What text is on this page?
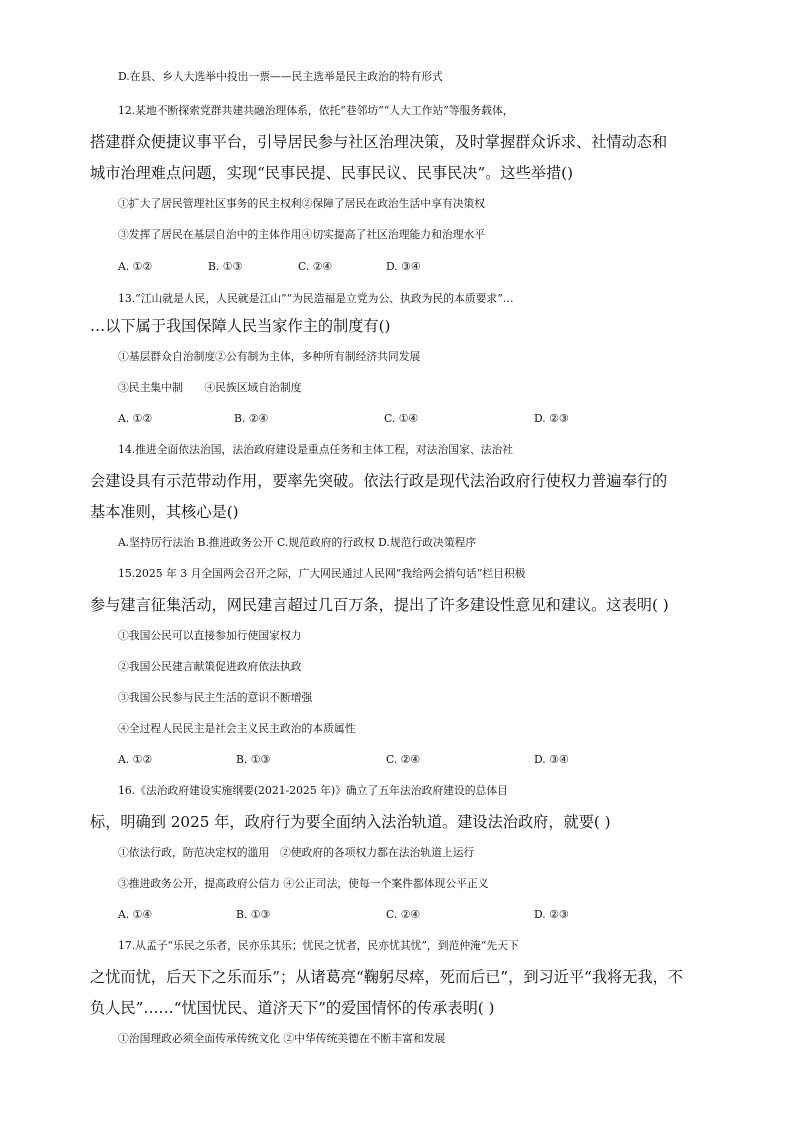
D.在县、乡人大选举中投出一票——民主选举是民主政治的特有形式
12.某地不断探索党群共建共融治理体系，依托“巷邻坊”“人大工作站”等服务载体，
搭建群众便捷议事平台，引导居民参与社区治理决策，及时掌握群众诉求、社情动态和
城市治理难点问题，实现“民事民提、民事民议、民事民决”。这些举措()
①扩大了居民管理社区事务的民主权利②保障了居民在政治生活中享有决策权
③发挥了居民在基层自治中的主体作用④切实提高了社区治理能力和治理水平
A. ①②	B. ①③	C. ②④	D. ③④
13.“江山就是人民，人民就是江山”“为民造福是立党为公、执政为民的本质要求”…
…以下属于我国保障人民当家作主的制度有()
①基层群众自治制度②公有制为主体，多种所有制经济共同发展
③民主集中制　　④民族区域自治制度
A. ①②	B. ②④	C. ①④	D. ②③
14.推进全面依法治国，法治政府建设是重点任务和主体工程，对法治国家、法治社
会建设具有示范带动作用，要率先突破。依法行政是现代法治政府行使权力普遍奉行的
基本准则，其核心是()
A.坚持厉行法治 B.推进政务公开 C.规范政府的行政权 D.规范行政决策程序
15.2025 年 3 月全国两会召开之际，广大网民通过人民网“我给两会捎句话”栏目积极
参与建言征集活动，网民建言超过几百万条，提出了许多建设性意见和建议。这表明( )
①我国公民可以直接参加行使国家权力
②我国公民建言献策促进政府依法执政
③我国公民参与民主生活的意识不断增强
④全过程人民民主是社会主义民主政治的本质属性
A. ①②	B. ①③	C. ②④	D. ③④
16.《法治政府建设实施纲要(2021-2025 年)》确立了五年法治政府建设的总体目
标，明确到 2025 年，政府行为要全面纳入法治轨道。建设法治政府，就要( )
①依法行政，防范决定权的滥用　②使政府的各项权力都在法治轨道上运行
③推进政务公开，提高政府公信力 ④公正司法，使每一个案件都体现公平正义
A. ①④	B. ①③	C. ②④	D. ②③
17.从孟子“乐民之乐者，民亦乐其乐；忧民之忧者，民亦忧其忧”，到范仲淹“先天下
之忧而忧，后天下之乐而乐”；从诸葛亮“鞠躬尽瘁，死而后已”，到习近平“我将无我，不
负人民”……“忧国忧民、道济天下”的爱国情怀的传承表明( )
①治国理政必须全面传承传统文化 ②中华传统美德在不断丰富和发展
